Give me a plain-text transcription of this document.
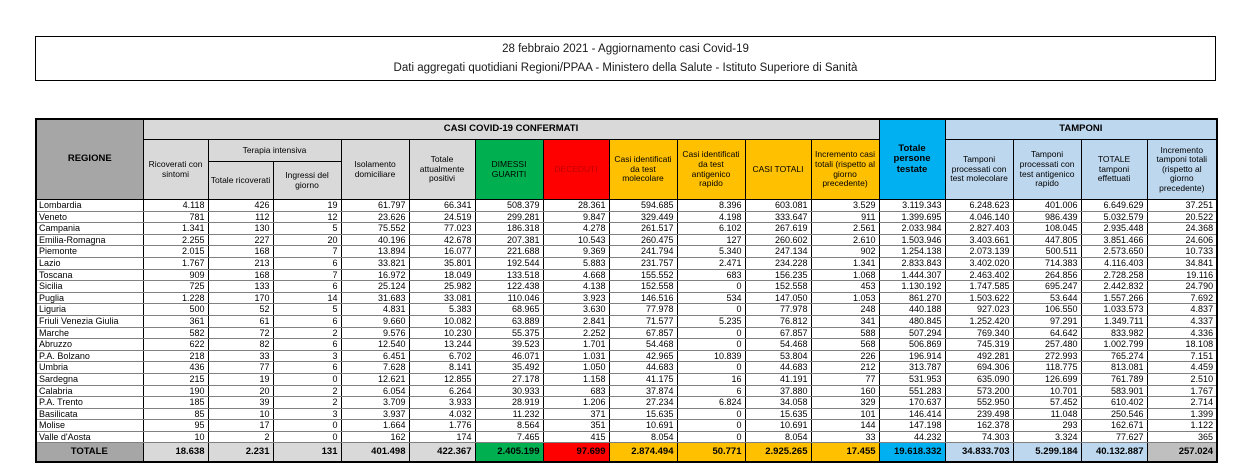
28 febbraio 2021 - Aggiornamento casi Covid-19
Dati aggregati quotidiani Regioni/PPAA - Ministero della Salute - Istituto Superiore di Sanità
REGIONE	CASI COVID-19 CONFERMATI											Totale persone testate	TAMPONI			
	Ricoverati con sintomi	Terapia intensiva		Isolamento domiciliare	Totale attualmente positivi	DIMESSI GUARITI	DECEDUTI	Casi identificati da test molecolare	Casi identificati da test antigenico rapido	CASI TOTALI	Incremento casi totali (rispetto al giorno precedente)		Tamponi processati con test molecolare	Tamponi processati con test antigenico rapido	TOTALE tamponi effettuati	Incremento tamponi totali (rispetto al giorno precedente)
		Totale ricoverati	Ingressi del giorno													
Lombardia	4.118	426	19	61.797	66.341	508.379	28.361	594.685	8.396	603.081	3.529	3.119.343	6.248.623	401.006	6.649.629	37.251
Veneto	781	112	12	23.626	24.519	299.281	9.847	329.449	4.198	333.647	911	1.399.695	4.046.140	986.439	5.032.579	20.522
Campania	1.341	130	5	75.552	77.023	186.318	4.278	261.517	6.102	267.619	2.561	2.033.984	2.827.403	108.045	2.935.448	24.368
Emilia-Romagna	2.255	227	20	40.196	42.678	207.381	10.543	260.475	127	260.602	2.610	1.503.946	3.403.661	447.805	3.851.466	24.606
Piemonte	2.015	168	7	13.894	16.077	221.688	9.369	241.794	5.340	247.134	902	1.254.138	2.073.139	500.511	2.573.650	10.733
Lazio	1.767	213	6	33.821	35.801	192.544	5.883	231.757	2.471	234.228	1.341	2.833.843	3.402.020	714.383	4.116.403	34.841
Toscana	909	168	7	16.972	18.049	133.518	4.668	155.552	683	156.235	1.068	1.444.307	2.463.402	264.856	2.728.258	19.116
Sicilia	725	133	6	25.124	25.982	122.438	4.138	152.558	0	152.558	453	1.130.192	1.747.585	695.247	2.442.832	24.790
Puglia	1.228	170	14	31.683	33.081	110.046	3.923	146.516	534	147.050	1.053	861.270	1.503.622	53.644	1.557.266	7.692
Liguria	500	52	5	4.831	5.383	68.965	3.630	77.978	0	77.978	248	440.188	927.023	106.550	1.033.573	4.837
Friuli Venezia Giulia	361	61	6	9.660	10.082	63.889	2.841	71.577	5.235	76.812	341	480.845	1.252.420	97.291	1.349.711	4.337
Marche	582	72	2	9.576	10.230	55.375	2.252	67.857	0	67.857	588	507.294	769.340	64.642	833.982	4.336
Abruzzo	622	82	6	12.540	13.244	39.523	1.701	54.468	0	54.468	568	506.869	745.319	257.480	1.002.799	18.108
P.A. Bolzano	218	33	3	6.451	6.702	46.071	1.031	42.965	10.839	53.804	226	196.914	492.281	272.993	765.274	7.151
Umbria	436	77	6	7.628	8.141	35.492	1.050	44.683	0	44.683	212	313.787	694.306	118.775	813.081	4.459
Sardegna	215	19	0	12.621	12.855	27.178	1.158	41.175	16	41.191	77	531.953	635.090	126.699	761.789	2.510
Calabria	190	20	2	6.054	6.264	30.933	683	37.874	6	37.880	160	551.283	573.200	10.701	583.901	1.767
P.A. Trento	185	39	2	3.709	3.933	28.919	1.206	27.234	6.824	34.058	329	170.637	552.950	57.452	610.402	2.714
Basilicata	85	10	3	3.937	4.032	11.232	371	15.635	0	15.635	101	146.414	239.498	11.048	250.546	1.399
Molise	95	17	0	1.664	1.776	8.564	351	10.691	0	10.691	144	147.198	162.378	293	162.671	1.122
Valle d'Aosta	10	2	0	162	174	7.465	415	8.054	0	8.054	33	44.232	74.303	3.324	77.627	365
TOTALE	18.638	2.231	131	401.498	422.367	2.405.199	97.699	2.874.494	50.771	2.925.265	17.455	19.618.332	34.833.703	5.299.184	40.132.887	257.024
